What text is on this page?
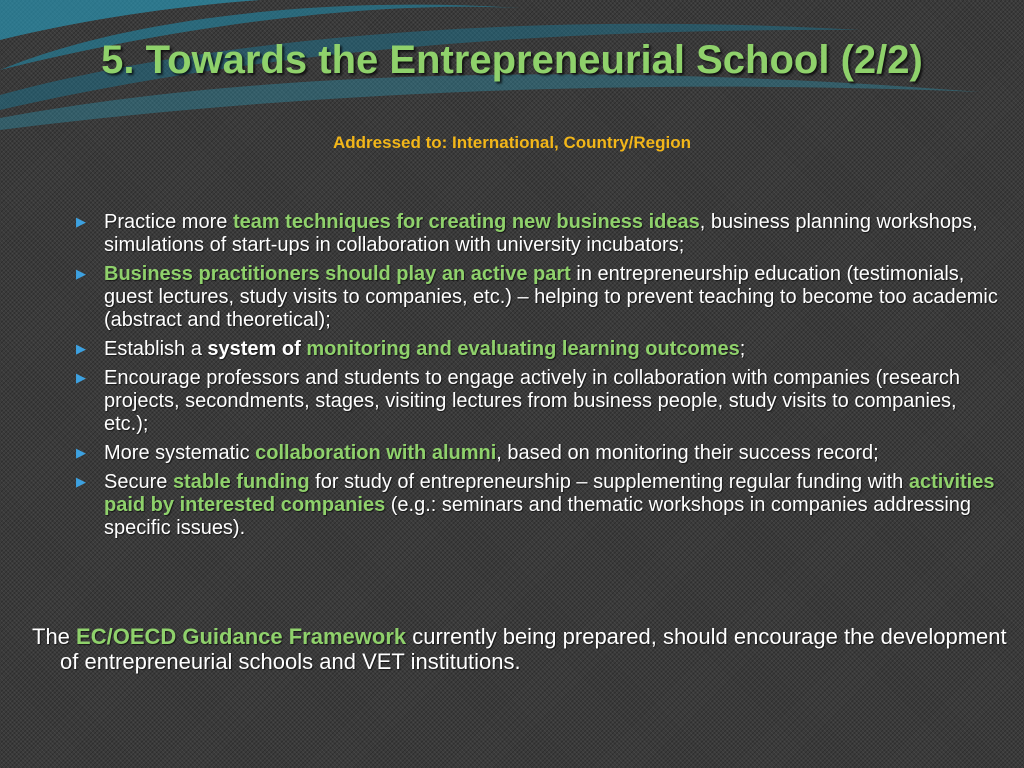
5. Towards the Entrepreneurial School (2/2)
Addressed to: International, Country/Region
▶ Practice more team techniques for creating new business ideas, business planning workshops, simulations of start-ups in collaboration with university incubators;
▶ Business practitioners should play an active part in entrepreneurship education (testimonials, guest lectures, study visits to companies, etc.) – helping to prevent teaching to become too academic (abstract and theoretical);
▶ Establish a system of monitoring and evaluating learning outcomes;
▶ Encourage professors and students to engage actively in collaboration with companies (research projects, secondments, stages, visiting lectures from business people, study visits to companies, etc.);
▶ More systematic collaboration with alumni, based on monitoring their success record;
▶ Secure stable funding for study of entrepreneurship – supplementing regular funding with activities paid by interested companies (e.g.: seminars and thematic workshops in companies addressing specific issues).

The EC/OECD Guidance Framework currently being prepared, should encourage the development of entrepreneurial schools and VET institutions.
